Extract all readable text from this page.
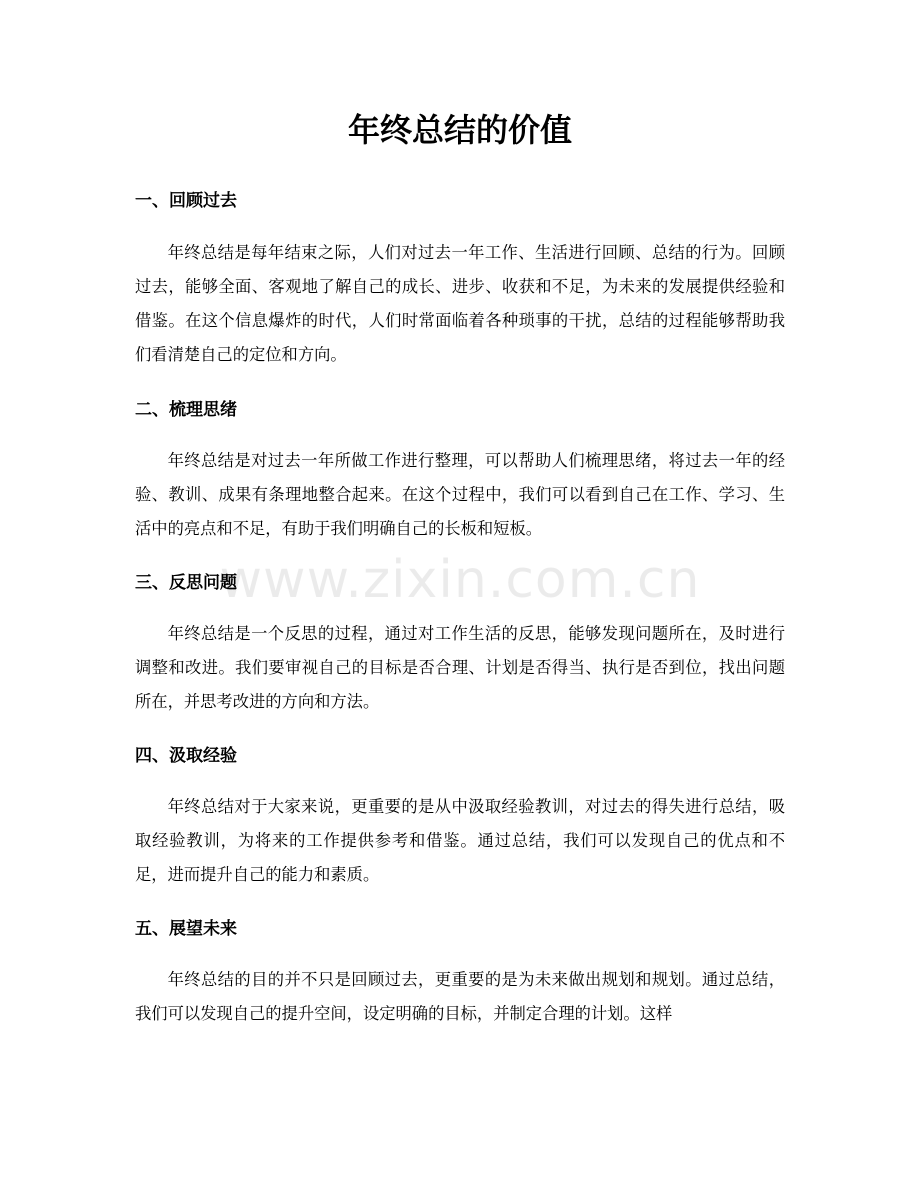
年终总结的价值
一、回顾过去

年终总结是每年结束之际，人们对过去一年工作、生活进行回顾、总结的行为。回顾过去，能够全面、客观地了解自己的成长、进步、收获和不足，为未来的发展提供经验和借鉴。在这个信息爆炸的时代，人们时常面临着各种琐事的干扰，总结的过程能够帮助我们看清楚自己的定位和方向。

二、梳理思绪

年终总结是对过去一年所做工作进行整理，可以帮助人们梳理思绪，将过去一年的经验、教训、成果有条理地整合起来。在这个过程中，我们可以看到自己在工作、学习、生活中的亮点和不足，有助于我们明确自己的长板和短板。

三、反思问题

年终总结是一个反思的过程，通过对工作生活的反思，能够发现问题所在，及时进行调整和改进。我们要审视自己的目标是否合理、计划是否得当、执行是否到位，找出问题所在，并思考改进的方向和方法。

四、汲取经验

年终总结对于大家来说，更重要的是从中汲取经验教训，对过去的得失进行总结，吸取经验教训，为将来的工作提供参考和借鉴。通过总结，我们可以发现自己的优点和不足，进而提升自己的能力和素质。

五、展望未来

年终总结的目的并不只是回顾过去，更重要的是为未来做出规划和规划。通过总结，我们可以发现自己的提升空间，设定明确的目标，并制定合理的计划。这样

www.zixin.com.cn
